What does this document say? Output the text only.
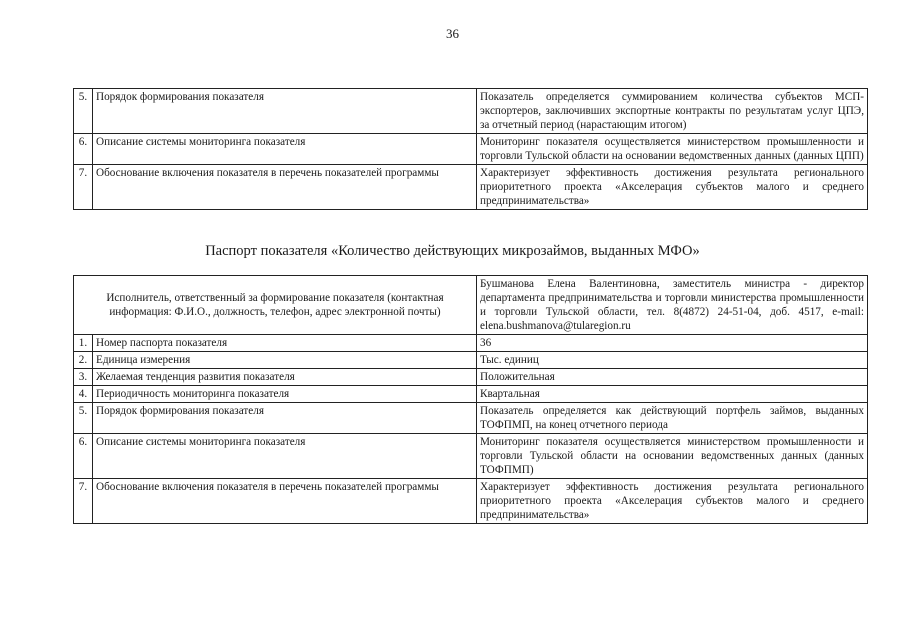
36
5.	Порядок формирования показателя	Показатель определяется суммированием количества субъектов МСП-экспортеров, заключивших экспортные контракты по результатам услуг ЦПЭ, за отчетный период (нарастающим итогом)
6.	Описание системы мониторинга показателя	Мониторинг показателя осуществляется министерством промышленности и торговли Тульской области на основании ведомственных данных (данных ЦПП)
7.	Обоснование включения показателя в перечень показателей программы	Характеризует эффективность достижения результата регионального приоритетного проекта «Акселерация субъектов малого и среднего предпринимательства»
Паспорт показателя «Количество действующих микрозаймов, выданных МФО»
Исполнитель, ответственный за формирование показателя (контактная информация: Ф.И.О., должность, телефон, адрес электронной почты)		Бушманова Елена Валентиновна, заместитель министра - директор департамента предпринимательства и торговли министерства промышленности и торговли Тульской области, тел. 8(4872) 24-51-04, доб. 4517, e-mail: elena.bushmanova@tularegion.ru
1.	Номер паспорта показателя	36
2.	Единица измерения	Тыс. единиц
3.	Желаемая тенденция развития показателя	Положительная
4.	Периодичность мониторинга показателя	Квартальная
5.	Порядок формирования показателя	Показатель определяется как действующий портфель займов, выданных ТОФПМП, на конец отчетного периода
6.	Описание системы мониторинга показателя	Мониторинг показателя осуществляется министерством промышленности и торговли Тульской области на основании ведомственных данных (данных ТОФПМП)
7.	Обоснование включения показателя в перечень показателей программы	Характеризует эффективность достижения результата регионального приоритетного проекта «Акселерация субъектов малого и среднего предпринимательства»
